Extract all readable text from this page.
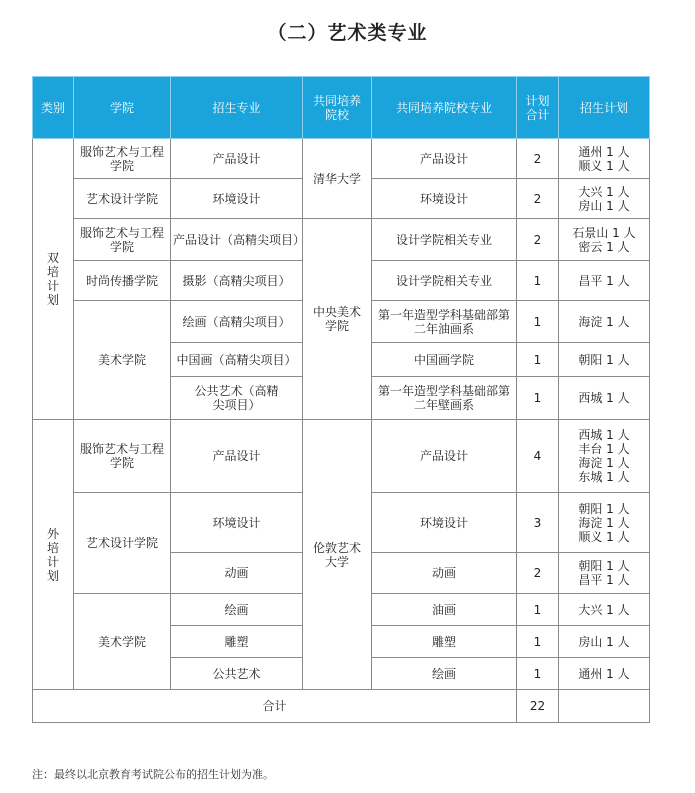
（二）艺术类专业
类别	学院	招生专业	共同培养院校	共同培养院校专业	计划合计	招生计划

双培计划	服饰艺术与工程学院	产品设计	清华大学	产品设计	2	通州 1 人
顺义 1 人

	艺术设计学院	环境设计		环境设计	2	大兴 1 人
房山 1 人

	服饰艺术与工程学院	产品设计（高精尖项目）	中央美术学院	设计学院相关专业	2	石景山 1 人
密云 1 人

	时尚传播学院	摄影（高精尖项目）		设计学院相关专业	1	昌平 1 人

	美术学院	绘画（高精尖项目）		第一年造型学科基础部第二年油画系	1	海淀 1 人

		中国画（高精尖项目）		中国画学院	1	朝阳 1 人

		公共艺术（高精尖项目）		第一年造型学科基础部第二年壁画系	1	西城 1 人

外培计划	服饰艺术与工程学院	产品设计	伦敦艺术大学	产品设计	4	西城 1 人
丰台 1 人
海淀 1 人
东城 1 人

	艺术设计学院	环境设计		环境设计	3	朝阳 1 人
海淀 1 人
顺义 1 人

		动画		动画	2	朝阳 1 人
昌平 1 人

	美术学院	绘画		油画	1	大兴 1 人

		雕塑		雕塑	1	房山 1 人

		公共艺术		绘画	1	通州 1 人

合计					22	
注：最终以北京教育考试院公布的招生计划为准。
